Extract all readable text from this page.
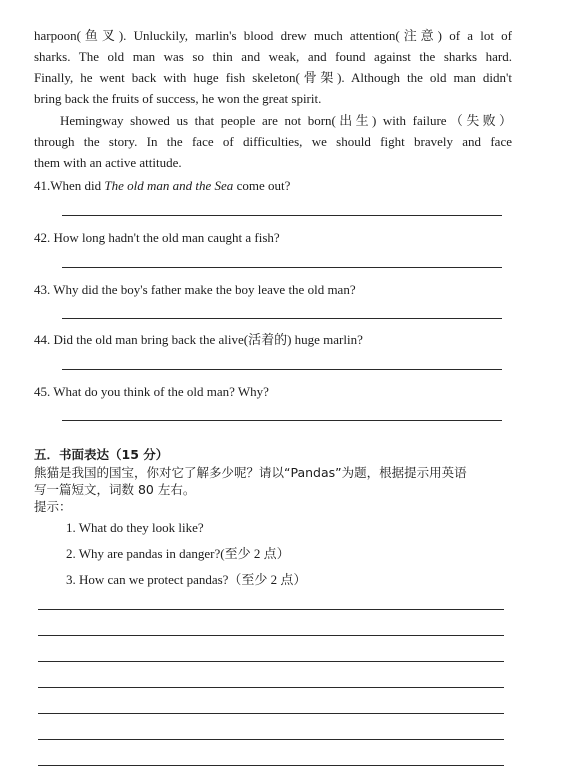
harpoon(鱼叉). Unluckily, marlin's blood drew much attention(注意) of a lot of

sharks. The old man was so thin and weak, and found against the sharks hard.

Finally, he went back with huge fish skeleton(骨架). Although the old man didn't

bring back the fruits of success, he won the great spirit.

Hemingway showed us that people are not born(出生) with failure（失败）

through the story. In the face of difficulties, we should fight bravely and face

them with an active attitude.

41.When did The old man and the Sea come out?
42. How long hadn't the old man caught a fish?
43. Why did the boy's father make the boy leave the old man?
44. Did the old man bring back the alive(活着的) huge marlin?
45. What do you think of the old man? Why?
五．书面表达（15 分）
熊猫是我国的国宝，你对它了解多少呢？请以“Pandas”为题，根据提示用英语
写一篇短文，词数 80 左右。
提示：
1. What do they look like?
2. Why are pandas in danger?(至少 2 点）
3. How can we protect pandas?（至少 2 点）
